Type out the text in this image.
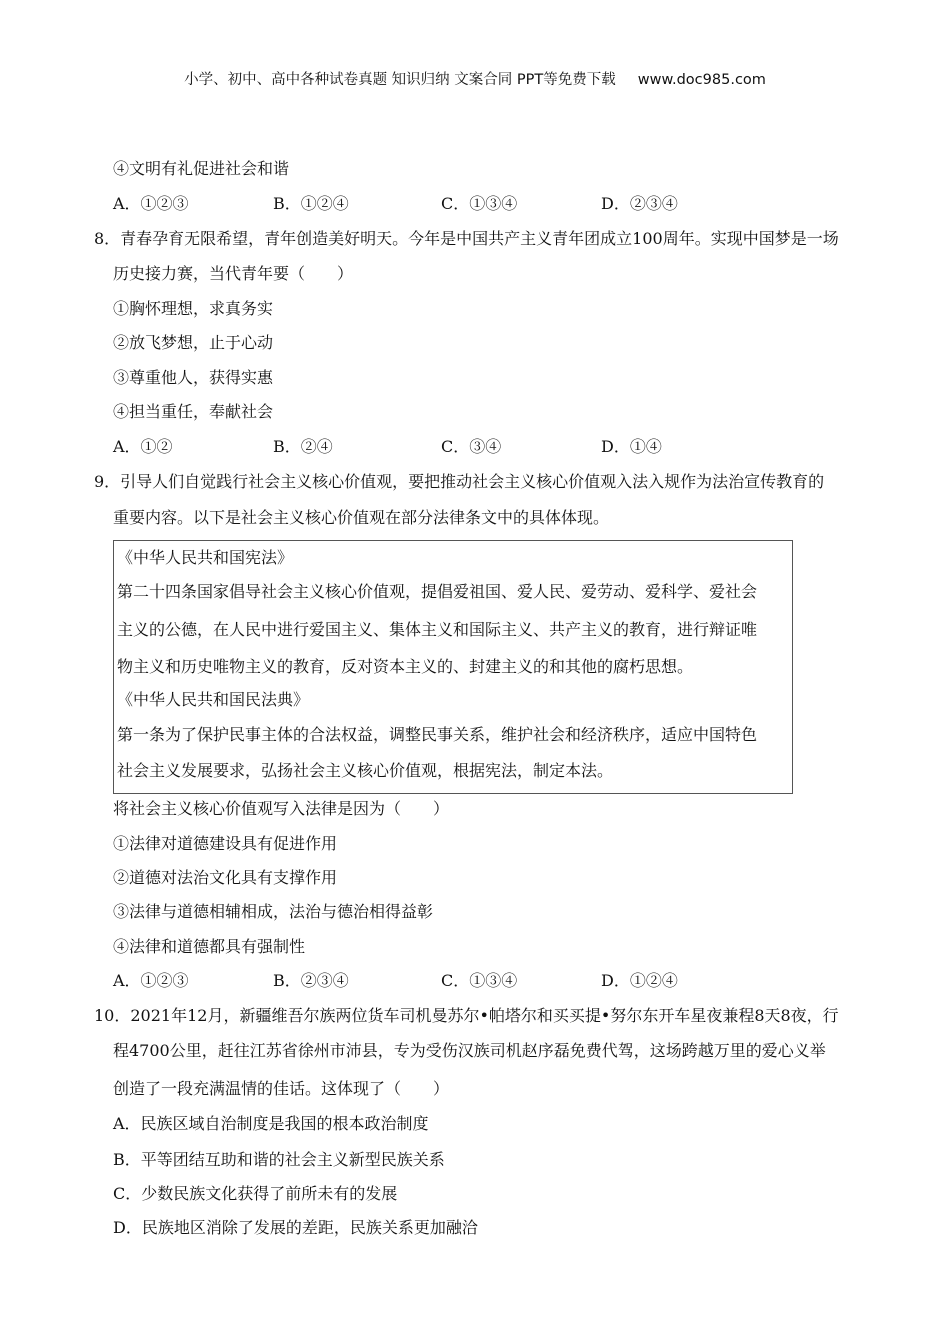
小学、初中、高中各种试卷真题 知识归纳 文案合同 PPT等免费下载 www.doc985.com
④文明有礼促进社会和谐
A．①②③	B．①②④	C．①③④	D．②③④
8．青春孕育无限希望，青年创造美好明天。今年是中国共产主义青年团成立100周年。实现中国梦是一场
历史接力赛，当代青年要（　　）
①胸怀理想，求真务实
②放飞梦想，止于心动
③尊重他人，获得实惠
④担当重任，奉献社会
A．①②	B．②④	C．③④	D．①④
9．引导人们自觉践行社会主义核心价值观，要把推动社会主义核心价值观入法入规作为法治宣传教育的
重要内容。以下是社会主义核心价值观在部分法律条文中的具体体现。
《中华人民共和国宪法》
第二十四条国家倡导社会主义核心价值观，提倡爱祖国、爱人民、爱劳动、爱科学、爱社会
主义的公德，在人民中进行爱国主义、集体主义和国际主义、共产主义的教育，进行辩证唯
物主义和历史唯物主义的教育，反对资本主义的、封建主义的和其他的腐朽思想。
《中华人民共和国民法典》
第一条为了保护民事主体的合法权益，调整民事关系，维护社会和经济秩序，适应中国特色
社会主义发展要求，弘扬社会主义核心价值观，根据宪法，制定本法。
将社会主义核心价值观写入法律是因为（　　）
①法律对道德建设具有促进作用
②道德对法治文化具有支撑作用
③法律与道德相辅相成，法治与德治相得益彰
④法律和道德都具有强制性
A．①②③	B．②③④	C．①③④	D．①②④
10．2021年12月，新疆维吾尔族两位货车司机曼苏尔•帕塔尔和买买提•努尔东开车星夜兼程8天8夜，行
程4700公里，赶往江苏省徐州市沛县，专为受伤汉族司机赵序磊免费代驾，这场跨越万里的爱心义举
创造了一段充满温情的佳话。这体现了（　　）
A．民族区域自治制度是我国的根本政治制度
B．平等团结互助和谐的社会主义新型民族关系
C．少数民族文化获得了前所未有的发展
D．民族地区消除了发展的差距，民族关系更加融洽
